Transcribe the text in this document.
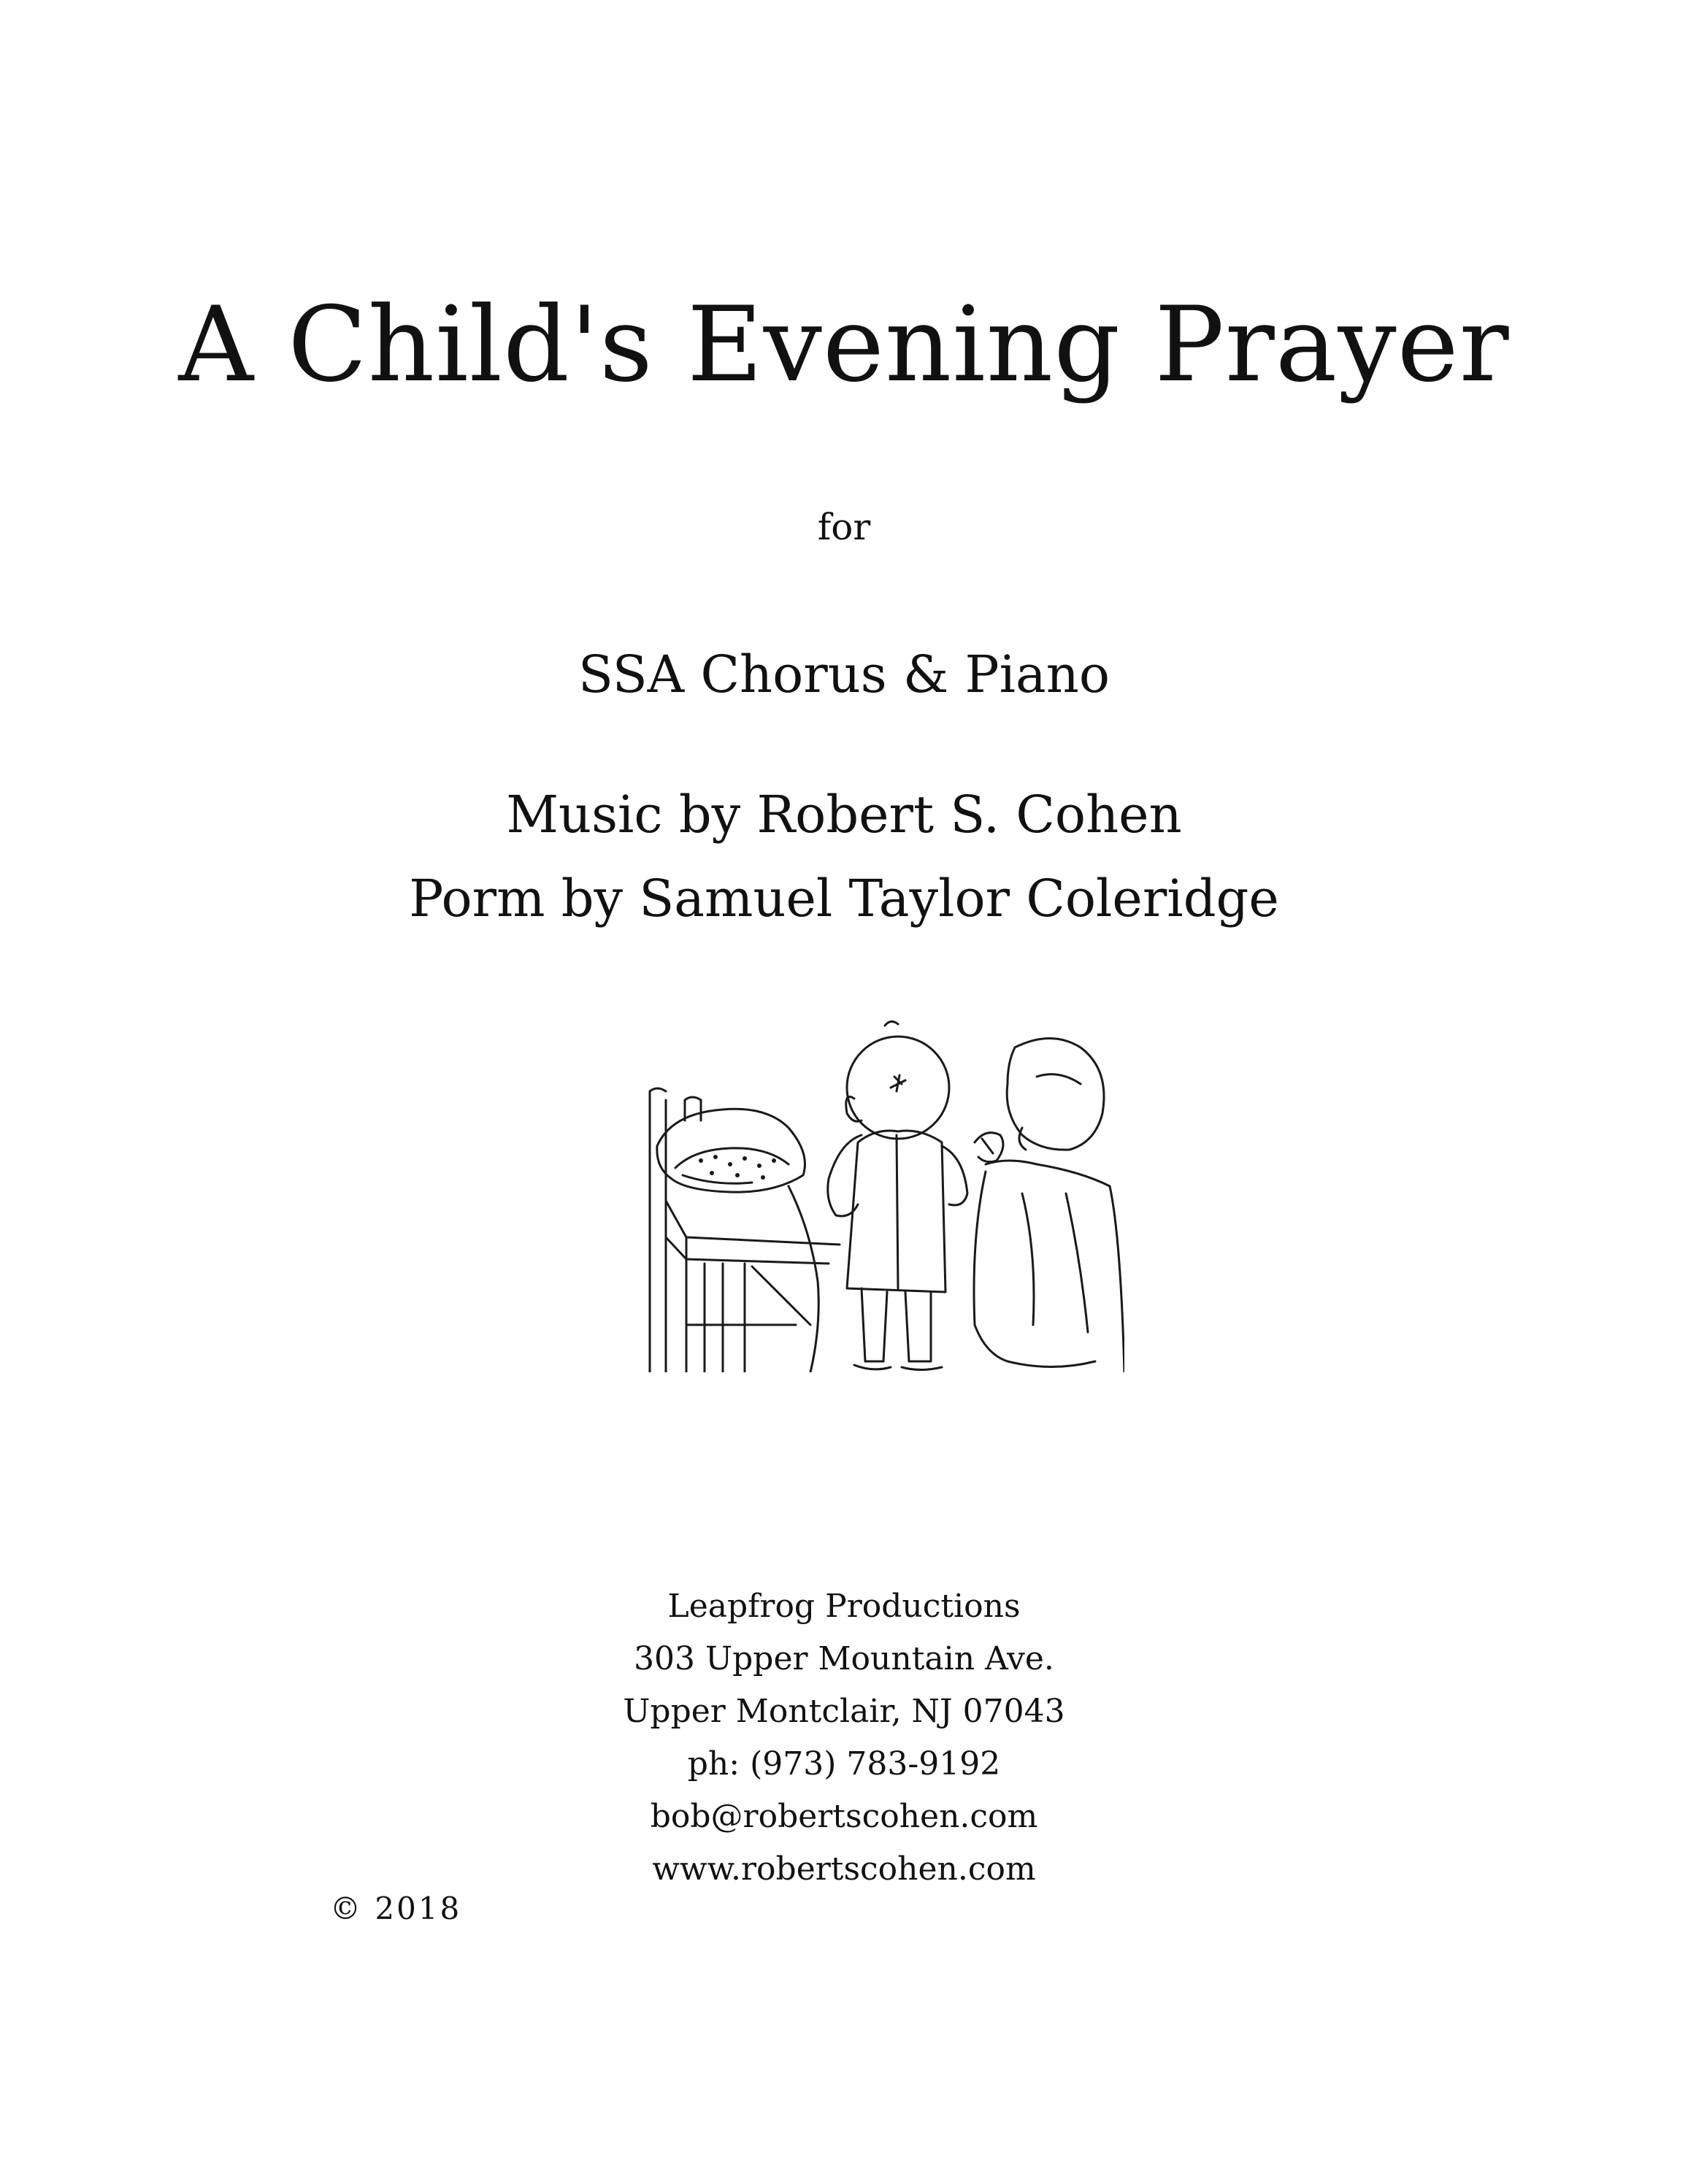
A Child's Evening Prayer
for
SSA Chorus & Piano
Music by Robert S. Cohen
Porm by Samuel Taylor Coleridge
Leapfrog Productions
303 Upper Mountain Ave.
Upper Montclair, NJ 07043
ph: (973) 783-9192
bob@robertscohen.com
www.robertscohen.com
© 2018
